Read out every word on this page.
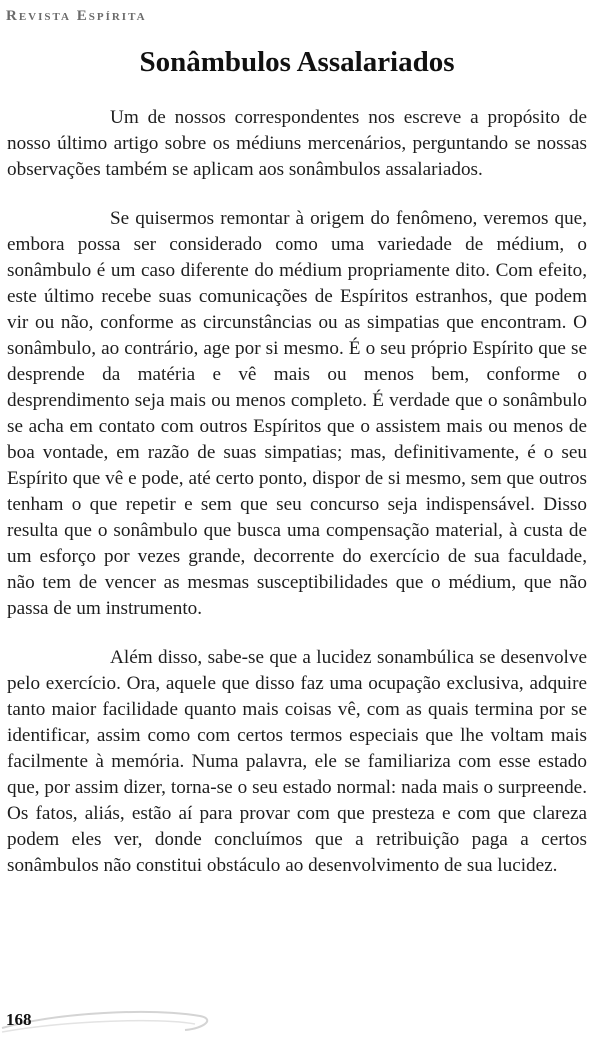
Revista Espírita
Sonâmbulos Assalariados

Um de nossos correspondentes nos escreve a propósito de nosso último artigo sobre os médiuns mercenários, perguntando se nossas observações também se aplicam aos sonâmbulos assalariados.

Se quisermos remontar à origem do fenômeno, veremos que, embora possa ser considerado como uma variedade de médium, o sonâmbulo é um caso diferente do médium propriamente dito. Com efeito, este último recebe suas comunicações de Espíritos estranhos, que podem vir ou não, conforme as circunstâncias ou as simpatias que encontram. O sonâmbulo, ao contrário, age por si mesmo. É o seu próprio Espírito que se desprende da matéria e vê mais ou menos bem, conforme o desprendimento seja mais ou menos completo. É verdade que o sonâmbulo se acha em contato com outros Espíritos que o assistem mais ou menos de boa vontade, em razão de suas simpatias; mas, definitivamente, é o seu Espírito que vê e pode, até certo ponto, dispor de si mesmo, sem que outros tenham o que repetir e sem que seu concurso seja indispensável. Disso resulta que o sonâmbulo que busca uma compensação material, à custa de um esforço por vezes grande, decorrente do exercício de sua faculdade, não tem de vencer as mesmas susceptibilidades que o médium, que não passa de um instrumento.

Além disso, sabe-se que a lucidez sonambúlica se desenvolve pelo exercício. Ora, aquele que disso faz uma ocupação exclusiva, adquire tanto maior facilidade quanto mais coisas vê, com as quais termina por se identificar, assim como com certos termos especiais que lhe voltam mais facilmente à memória. Numa palavra, ele se familiariza com esse estado que, por assim dizer, torna-se o seu estado normal: nada mais o surpreende. Os fatos, aliás, estão aí para provar com que presteza e com que clareza podem eles ver, donde concluímos que a retribuição paga a certos sonâmbulos não constitui obstáculo ao desenvolvimento de sua lucidez.

168
